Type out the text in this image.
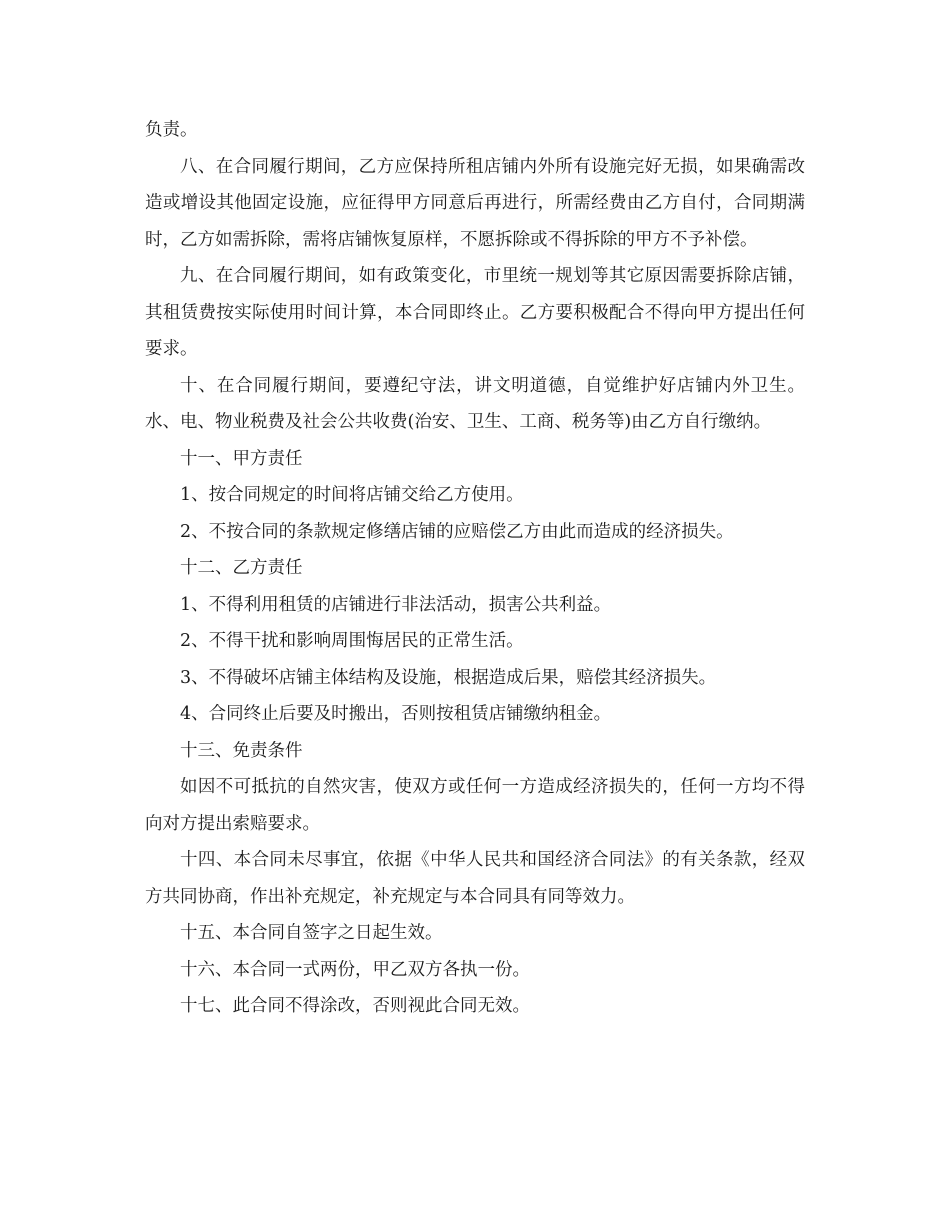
负责。

八、在合同履行期间，乙方应保持所租店铺内外所有设施完好无损，如果确需改造或增设其他固定设施，应征得甲方同意后再进行，所需经费由乙方自付，合同期满时，乙方如需拆除，需将店铺恢复原样，不愿拆除或不得拆除的甲方不予补偿。

九、在合同履行期间，如有政策变化，市里统一规划等其它原因需要拆除店铺，其租赁费按实际使用时间计算，本合同即终止。乙方要积极配合不得向甲方提出任何要求。

十、在合同履行期间，要遵纪守法，讲文明道德，自觉维护好店铺内外卫生。水、电、物业税费及社会公共收费(治安、卫生、工商、税务等)由乙方自行缴纳。

十一、甲方责任

1、按合同规定的时间将店铺交给乙方使用。

2、不按合同的条款规定修缮店铺的应赔偿乙方由此而造成的经济损失。

十二、乙方责任

1、不得利用租赁的店铺进行非法活动，损害公共利益。

2、不得干扰和影响周围悔居民的正常生活。

3、不得破坏店铺主体结构及设施，根据造成后果，赔偿其经济损失。

4、合同终止后要及时搬出，否则按租赁店铺缴纳租金。

十三、免责条件

如因不可抵抗的自然灾害，使双方或任何一方造成经济损失的，任何一方均不得向对方提出索赔要求。

十四、本合同未尽事宜，依据《中华人民共和国经济合同法》的有关条款，经双方共同协商，作出补充规定，补充规定与本合同具有同等效力。

十五、本合同自签字之日起生效。

十六、本合同一式两份，甲乙双方各执一份。

十七、此合同不得涂改，否则视此合同无效。
